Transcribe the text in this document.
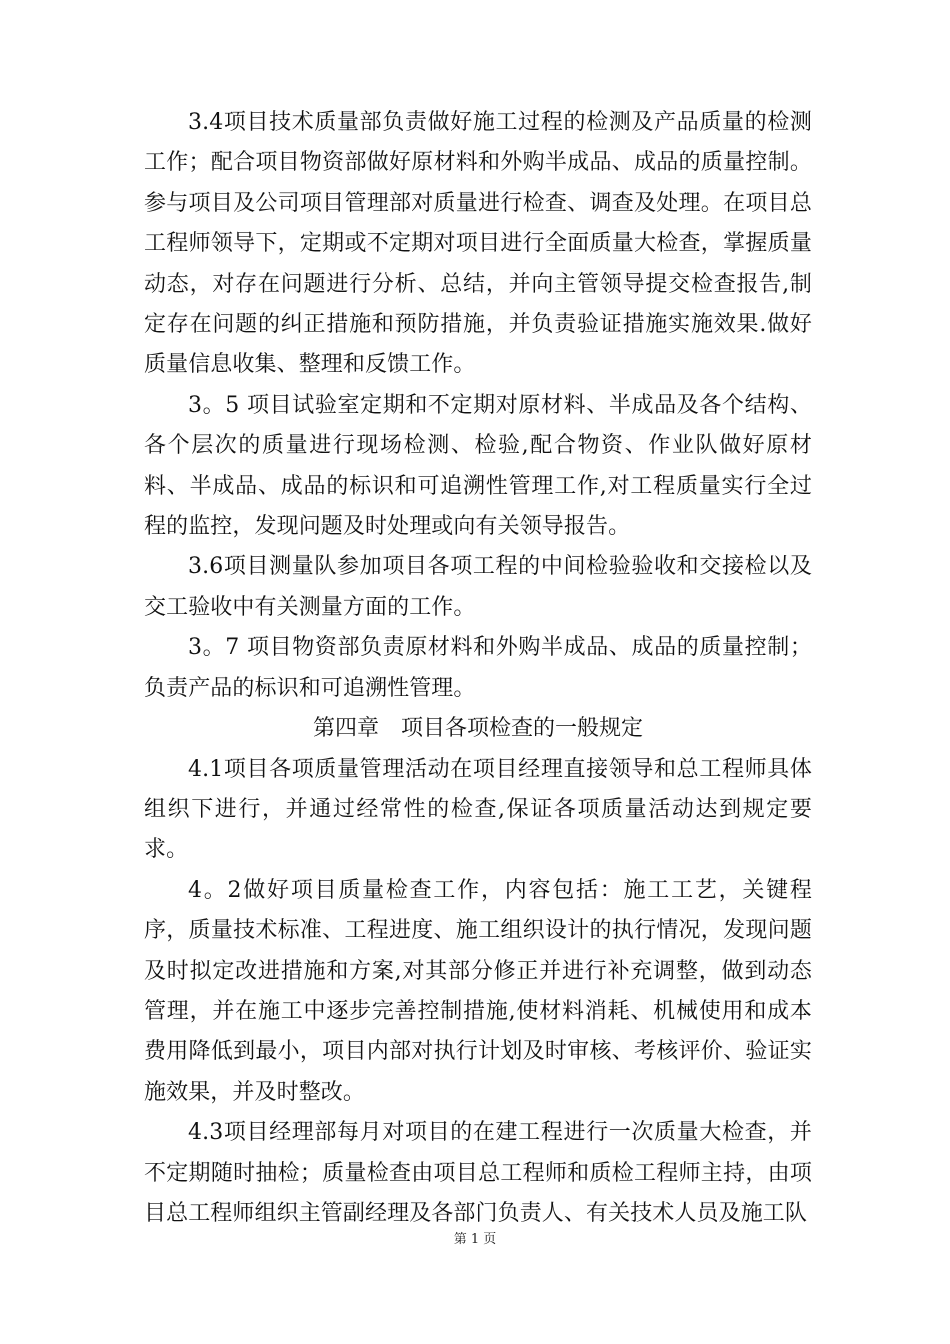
3.4项目技术质量部负责做好施工过程的检测及产品质量的检测工作；配合项目物资部做好原材料和外购半成品、成品的质量控制。参与项目及公司项目管理部对质量进行检查、调查及处理。在项目总工程师领导下，定期或不定期对项目进行全面质量大检查，掌握质量动态，对存在问题进行分析、总结，并向主管领导提交检查报告,制定存在问题的纠正措施和预防措施，并负责验证措施实施效果.做好质量信息收集、整理和反馈工作。

3。5 项目试验室定期和不定期对原材料、半成品及各个结构、各个层次的质量进行现场检测、检验,配合物资、作业队做好原材料、半成品、成品的标识和可追溯性管理工作,对工程质量实行全过程的监控，发现问题及时处理或向有关领导报告。

3.6项目测量队参加项目各项工程的中间检验验收和交接检以及交工验收中有关测量方面的工作。

3。7 项目物资部负责原材料和外购半成品、成品的质量控制；负责产品的标识和可追溯性管理。

第四章　项目各项检查的一般规定

4.1项目各项质量管理活动在项目经理直接领导和总工程师具体组织下进行，并通过经常性的检查,保证各项质量活动达到规定要求。

4。2做好项目质量检查工作，内容包括：施工工艺，关键程序，质量技术标准、工程进度、施工组织设计的执行情况，发现问题及时拟定改进措施和方案,对其部分修正并进行补充调整，做到动态管理，并在施工中逐步完善控制措施,使材料消耗、机械使用和成本费用降低到最小，项目内部对执行计划及时审核、考核评价、验证实施效果，并及时整改。

4.3项目经理部每月对项目的在建工程进行一次质量大检查，并不定期随时抽检；质量检查由项目总工程师和质检工程师主持，由项目总工程师组织主管副经理及各部门负责人、有关技术人员及施工队

第 1 页
